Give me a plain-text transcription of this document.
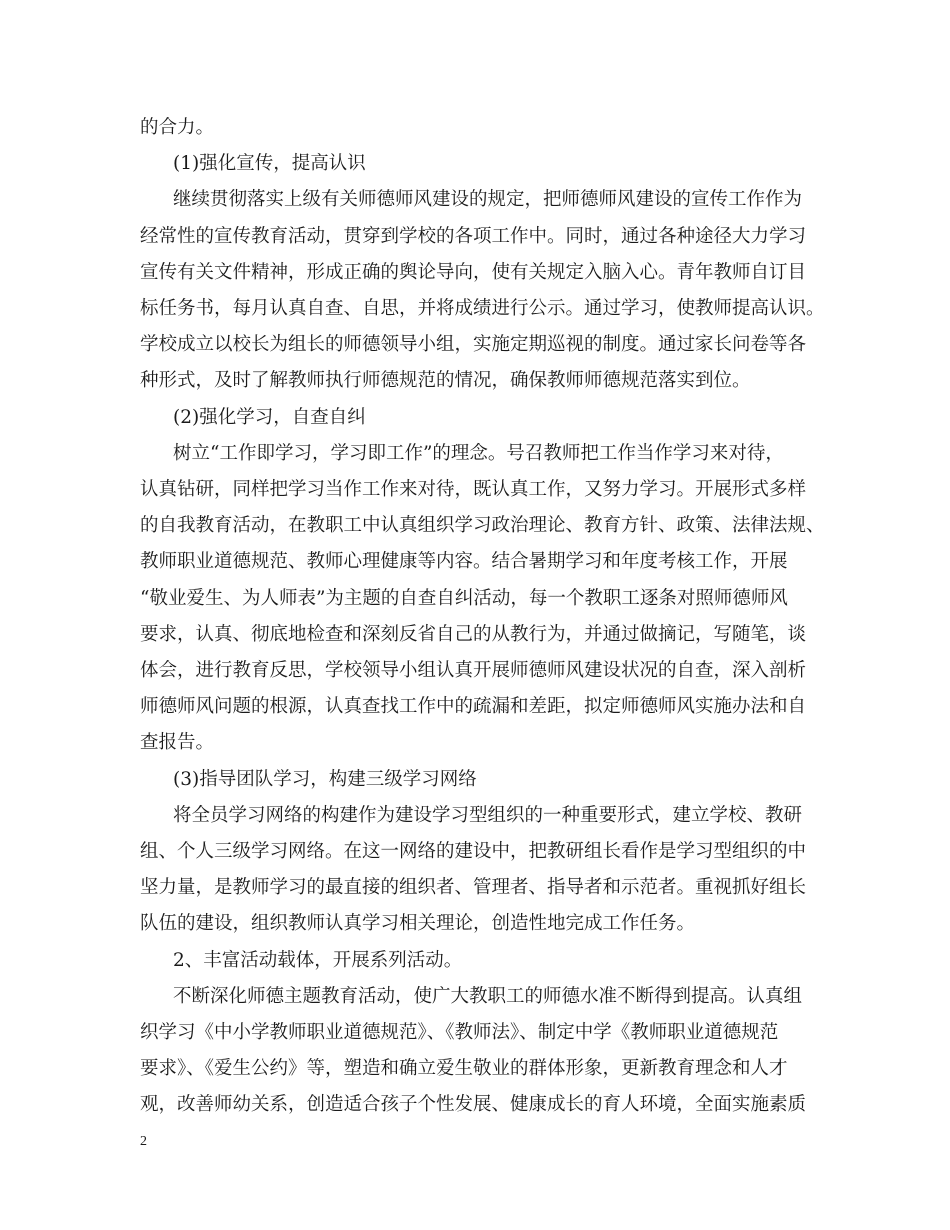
的合力。
(1)强化宣传，提高认识
继续贯彻落实上级有关师德师风建设的规定，把师德师风建设的宣传工作作为
经常性的宣传教育活动，贯穿到学校的各项工作中。同时，通过各种途径大力学习
宣传有关文件精神，形成正确的舆论导向，使有关规定入脑入心。青年教师自订目
标任务书，每月认真自查、自思，并将成绩进行公示。通过学习，使教师提高认识。
学校成立以校长为组长的师德领导小组，实施定期巡视的制度。通过家长问卷等各
种形式，及时了解教师执行师德规范的情况，确保教师师德规范落实到位。
(2)强化学习，自查自纠
树立“工作即学习，学习即工作”的理念。号召教师把工作当作学习来对待，
认真钻研，同样把学习当作工作来对待，既认真工作，又努力学习。开展形式多样
的自我教育活动，在教职工中认真组织学习政治理论、教育方针、政策、法律法规、
教师职业道德规范、教师心理健康等内容。结合暑期学习和年度考核工作，开展
“敬业爱生、为人师表”为主题的自查自纠活动，每一个教职工逐条对照师德师风
要求，认真、彻底地检查和深刻反省自己的从教行为，并通过做摘记，写随笔，谈
体会，进行教育反思，学校领导小组认真开展师德师风建设状况的自查，深入剖析
师德师风问题的根源，认真查找工作中的疏漏和差距，拟定师德师风实施办法和自
查报告。
(3)指导团队学习，构建三级学习网络
将全员学习网络的构建作为建设学习型组织的一种重要形式，建立学校、教研
组、个人三级学习网络。在这一网络的建设中，把教研组长看作是学习型组织的中
坚力量，是教师学习的最直接的组织者、管理者、指导者和示范者。重视抓好组长
队伍的建设，组织教师认真学习相关理论，创造性地完成工作任务。
2、丰富活动载体，开展系列活动。
不断深化师德主题教育活动，使广大教职工的师德水准不断得到提高。认真组
织学习《中小学教师职业道德规范》、《教师法》、制定中学《教师职业道德规范
要求》、《爱生公约》等，塑造和确立爱生敬业的群体形象，更新教育理念和人才
观，改善师幼关系，创造适合孩子个性发展、健康成长的育人环境，全面实施素质
2
